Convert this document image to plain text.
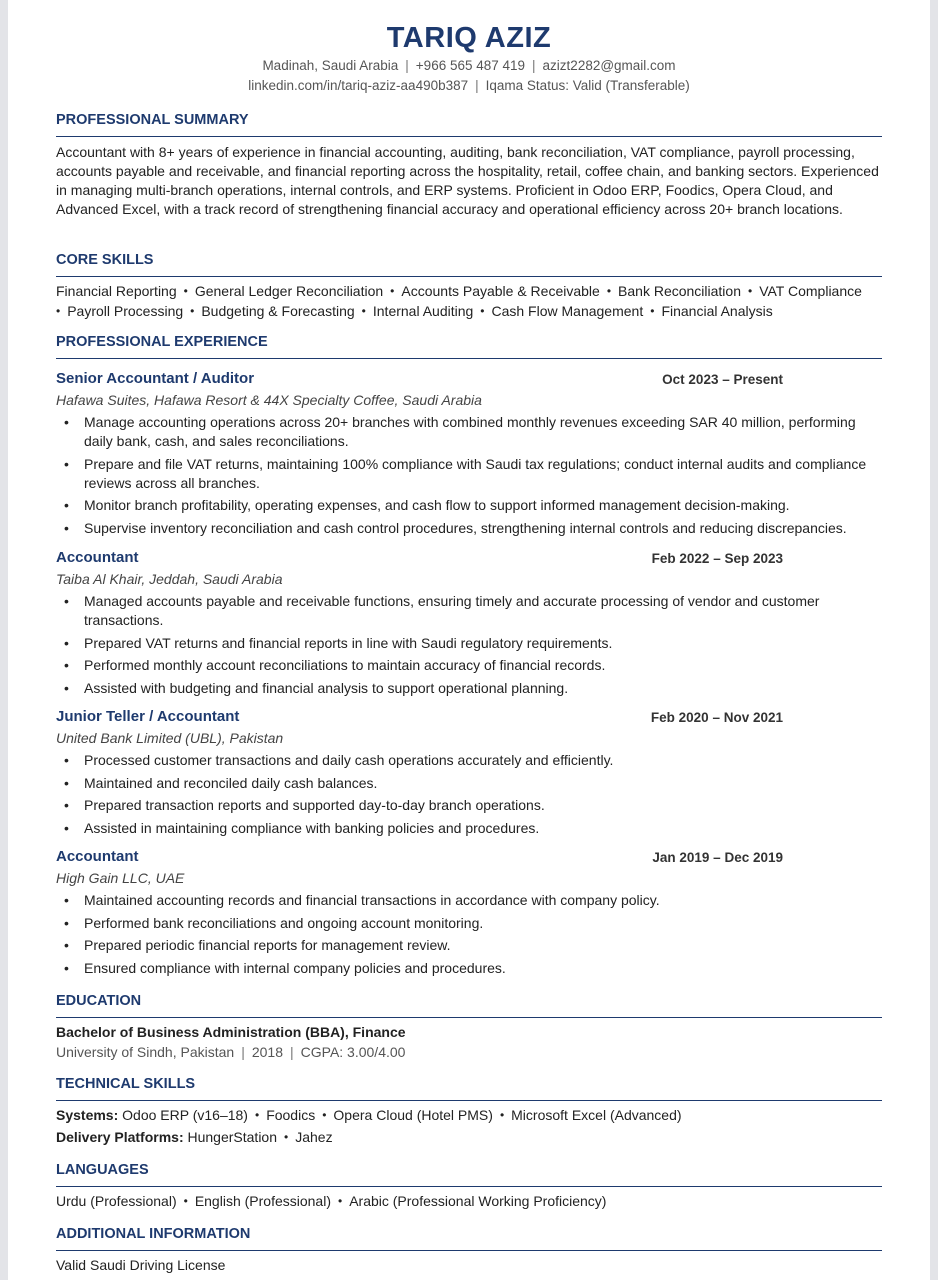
TARIQ AZIZ
Madinah, Saudi Arabia | +966 565 487 419 | azizt2282@gmail.com
linkedin.com/in/tariq-aziz-aa490b387 | Iqama Status: Valid (Transferable)
PROFESSIONAL SUMMARY
Accountant with 8+ years of experience in financial accounting, auditing, bank reconciliation, VAT compliance, payroll processing, accounts payable and receivable, and financial reporting across the hospitality, retail, coffee chain, and banking sectors. Experienced in managing multi-branch operations, internal controls, and ERP systems. Proficient in Odoo ERP, Foodics, Opera Cloud, and Advanced Excel, with a track record of strengthening financial accuracy and operational efficiency across 20+ branch locations.
CORE SKILLS
Financial Reporting • General Ledger Reconciliation • Accounts Payable & Receivable • Bank Reconciliation • VAT Compliance
• Payroll Processing • Budgeting & Forecasting • Internal Auditing • Cash Flow Management • Financial Analysis
PROFESSIONAL EXPERIENCE
Senior Accountant / Auditor	Oct 2023 – Present
Hafawa Suites, Hafawa Resort & 44X Specialty Coffee, Saudi Arabia
• Manage accounting operations across 20+ branches with combined monthly revenues exceeding SAR 40 million, performing daily bank, cash, and sales reconciliations.
• Prepare and file VAT returns, maintaining 100% compliance with Saudi tax regulations; conduct internal audits and compliance reviews across all branches.
• Monitor branch profitability, operating expenses, and cash flow to support informed management decision-making.
• Supervise inventory reconciliation and cash control procedures, strengthening internal controls and reducing discrepancies.
Accountant	Feb 2022 – Sep 2023
Taiba Al Khair, Jeddah, Saudi Arabia
• Managed accounts payable and receivable functions, ensuring timely and accurate processing of vendor and customer transactions.
• Prepared VAT returns and financial reports in line with Saudi regulatory requirements.
• Performed monthly account reconciliations to maintain accuracy of financial records.
• Assisted with budgeting and financial analysis to support operational planning.
Junior Teller / Accountant	Feb 2020 – Nov 2021
United Bank Limited (UBL), Pakistan
• Processed customer transactions and daily cash operations accurately and efficiently.
• Maintained and reconciled daily cash balances.
• Prepared transaction reports and supported day-to-day branch operations.
• Assisted in maintaining compliance with banking policies and procedures.
Accountant	Jan 2019 – Dec 2019
High Gain LLC, UAE
• Maintained accounting records and financial transactions in accordance with company policy.
• Performed bank reconciliations and ongoing account monitoring.
• Prepared periodic financial reports for management review.
• Ensured compliance with internal company policies and procedures.
EDUCATION
Bachelor of Business Administration (BBA), Finance
University of Sindh, Pakistan | 2018 | CGPA: 3.00/4.00
TECHNICAL SKILLS
Systems: Odoo ERP (v16–18) • Foodics • Opera Cloud (Hotel PMS) • Microsoft Excel (Advanced)
Delivery Platforms: HungerStation • Jahez
LANGUAGES
Urdu (Professional) • English (Professional) • Arabic (Professional Working Proficiency)
ADDITIONAL INFORMATION
Valid Saudi Driving License
